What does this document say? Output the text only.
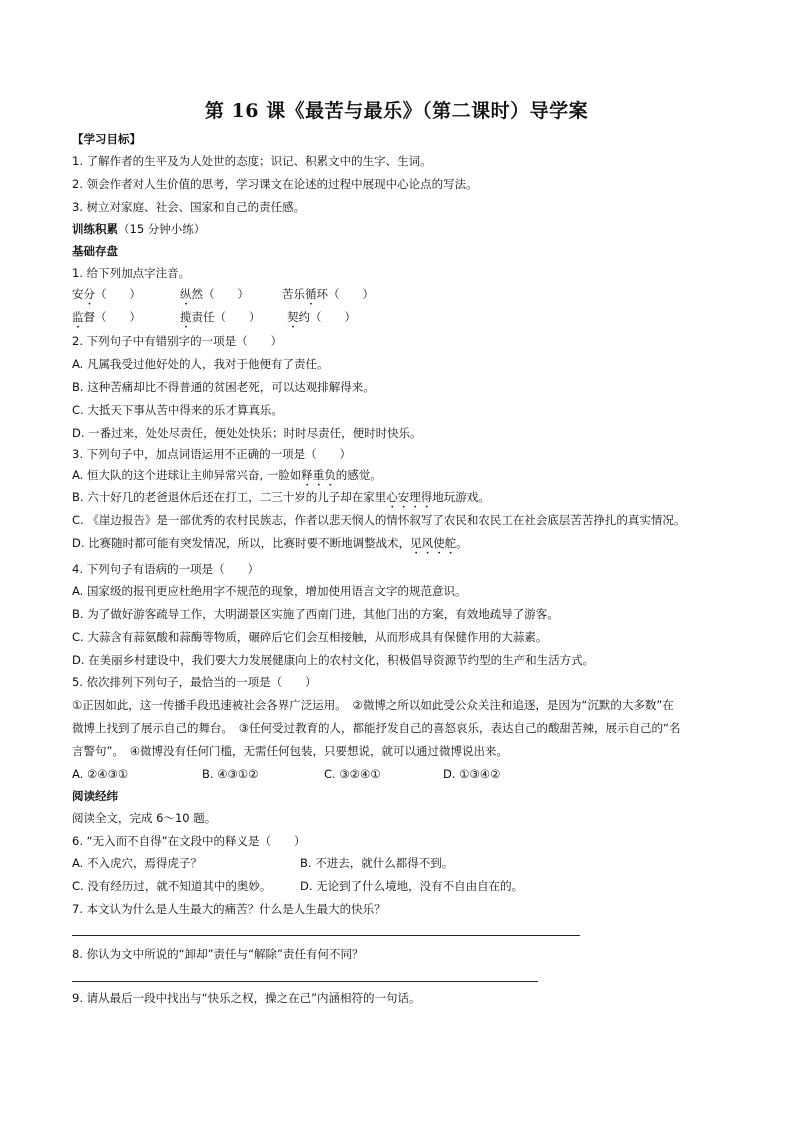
第 16 课《最苦与最乐》（第二课时）导学案
【学习目标】
1. 了解作者的生平及为人处世的态度；识记、积累文中的生字、生词。
2. 领会作者对人生价值的思考，学习课文在论述的过程中展现中心论点的写法。
3. 树立对家庭、社会、国家和自己的责任感。
训练积累（15 分钟小练）
基础存盘
1. 给下列加点字注音。
安分（　　）	纵然（　　）	苦乐循环（　　）
监督（　　）	揽责任（　　） 契约（　　）
2. 下列句子中有错别字的一项是（　　）
A. 凡属我受过他好处的人，我对于他便有了责任。
B. 这种苦痛却比不得普通的贫困老死，可以达观排解得来。
C. 大抵天下事从苦中得来的乐才算真乐。
D. 一番过来，处处尽责任，便处处快乐；时时尽责任，便时时快乐。
3. 下列句子中，加点词语运用不正确的一项是（　　）
A. 恒大队的这个进球让主帅异常兴奋, 一脸如释重负的感觉。
B. 六十好几的老爸退休后还在打工，二三十岁的儿子却在家里心安理得地玩游戏。
C. 《崖边报告》是一部优秀的农村民族志，作者以悲天悯人的情怀叙写了农民和农民工在社会底层苦苦挣扎的真实情况。
D. 比赛随时都可能有突发情况，所以，比赛时要不断地调整战术，见风使舵。
4. 下列句子有语病的一项是（　　）
A. 国家级的报刊更应杜绝用字不规范的现象，增加使用语言文字的规范意识。
B. 为了做好游客疏导工作，大明湖景区实施了西南门进，其他门出的方案，有效地疏导了游客。
C. 大蒜含有蒜氨酸和蒜酶等物质，碾碎后它们会互相接触，从而形成具有保健作用的大蒜素。
D. 在美丽乡村建设中，我们要大力发展健康向上的农村文化，积极倡导资源节约型的生产和生活方式。
5. 依次排列下列句子，最恰当的一项是（　　）
①正因如此，这一传播手段迅速被社会各界广泛运用。　②微博之所以如此受公众关注和追逐，是因为“沉默的大多数”在
微博上找到了展示自己的舞台。　③任何受过教育的人，都能抒发自己的喜怒哀乐，表达自己的酸甜苦辣，展示自己的“名
言警句”。　④微博没有任何门槛，无需任何包装，只要想说，就可以通过微博说出来。
A. ②④③①	B. ④③①②	C. ③②④①	D. ①③④②
阅读经纬
阅读全文，完成 6～10 题。
6. “无入而不自得”在文段中的释义是（　　）
A. 不入虎穴，焉得虎子？	B. 不进去，就什么都得不到。
C. 没有经历过，就不知道其中的奥妙。 D. 无论到了什么境地，没有不自由自在的。
7. 本文认为什么是人生最大的痛苦？什么是人生最大的快乐？
8. 你认为文中所说的“卸却”责任与“解除”责任有何不同？
9. 请从最后一段中找出与“快乐之权，操之在己”内涵相符的一句话。
